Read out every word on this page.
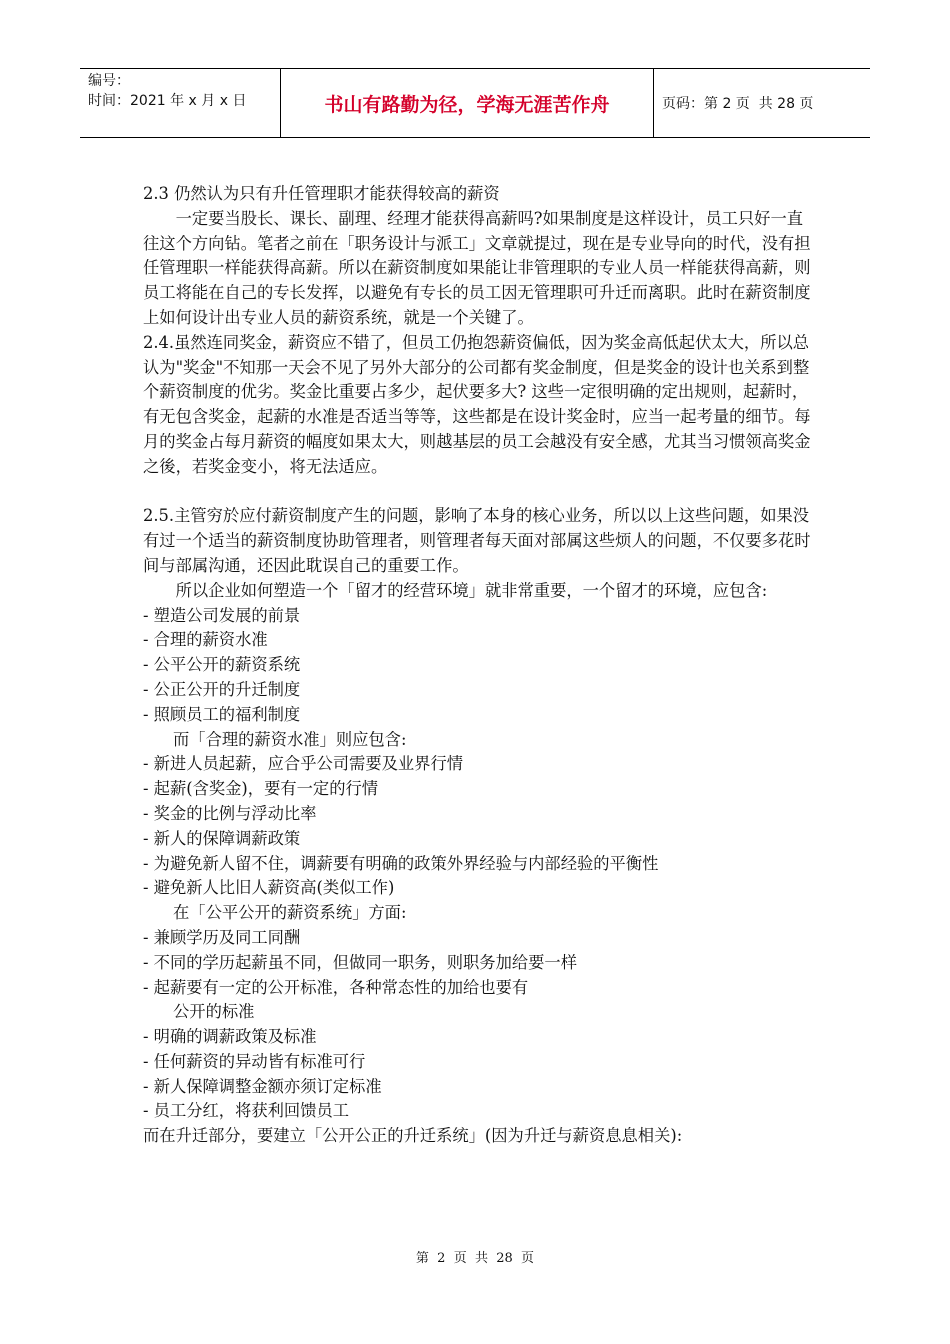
编号：
时间：2021 年 x 月 x 日	书山有路勤为径，学海无涯苦作舟	页码：第 2 页  共 28 页

2.3 仍然认为只有升任管理职才能获得较高的薪资

一定要当股长、课长、副理、经理才能获得高薪吗?如果制度是这样设计，员工只好一直往这个方向钻。笔者之前在「职务设计与派工」文章就提过，现在是专业导向的时代，没有担任管理职一样能获得高薪。所以在薪资制度如果能让非管理职的专业人员一样能获得高薪，则员工将能在自己的专长发挥，以避免有专长的员工因无管理职可升迁而离职。此时在薪资制度上如何设计出专业人员的薪资系统，就是一个关键了。

2.4.虽然连同奖金，薪资应不错了，但员工仍抱怨薪资偏低，因为奖金高低起伏太大，所以总认为"奖金"不知那一天会不见了另外大部分的公司都有奖金制度，但是奖金的设计也关系到整个薪资制度的优劣。奖金比重要占多少，起伏要多大? 这些一定很明确的定出规则，起薪时，有无包含奖金，起薪的水准是否适当等等，这些都是在设计奖金时，应当一起考量的细节。每月的奖金占每月薪资的幅度如果太大，则越基层的员工会越没有安全感，尤其当习惯领高奖金之後，若奖金变小，将无法适应。

2.5.主管穷於应付薪资制度产生的问题，影响了本身的核心业务，所以以上这些问题，如果没有过一个适当的薪资制度协助管理者，则管理者每天面对部属这些烦人的问题，不仅要多花时间与部属沟通，还因此耽误自己的重要工作。

所以企业如何塑造一个「留才的经营环境」就非常重要，一个留才的环境，应包含:

- 塑造公司发展的前景

- 合理的薪资水准

- 公平公开的薪资系统

- 公正公开的升迁制度

- 照顾员工的福利制度

而「合理的薪资水准」则应包含:

- 新进人员起薪，应合乎公司需要及业界行情

- 起薪(含奖金)，要有一定的行情

- 奖金的比例与浮动比率

- 新人的保障调薪政策

- 为避免新人留不住，调薪要有明确的政策外界经验与内部经验的平衡性

- 避免新人比旧人薪资高(类似工作)

在「公平公开的薪资系统」方面:

- 兼顾学历及同工同酬

- 不同的学历起薪虽不同，但做同一职务，则职务加给要一样

- 起薪要有一定的公开标准，各种常态性的加给也要有

公开的标准

- 明确的调薪政策及标准

- 任何薪资的异动皆有标准可行

- 新人保障调整金额亦须订定标准

- 员工分红，将获利回馈员工

而在升迁部分，要建立「公开公正的升迁系统」(因为升迁与薪资息息相关):

第  2  页  共  28  页
